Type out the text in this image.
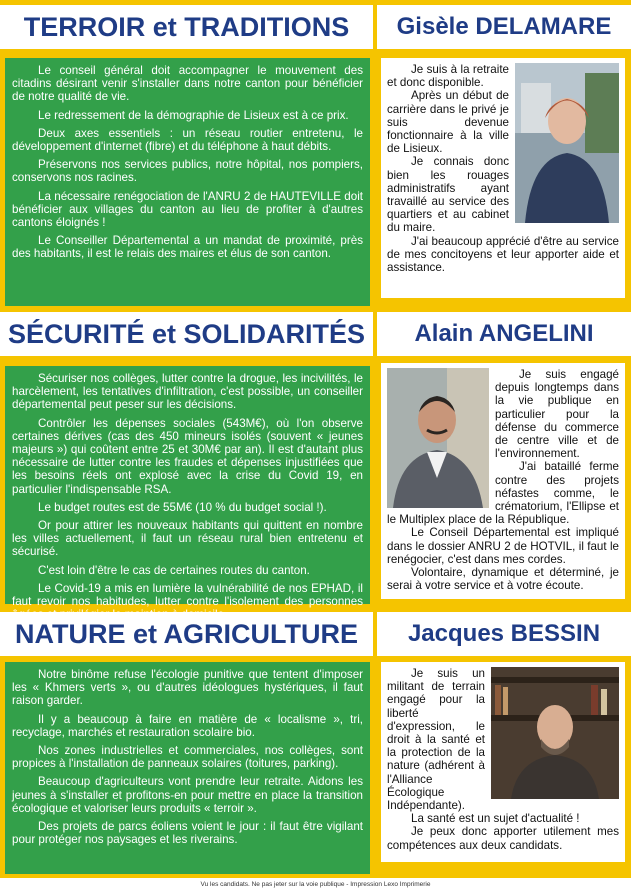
TERROIR et TRADITIONS	Gisèle DELAMARE

Le conseil général doit accompagner le mouvement des citadins désirant venir s'installer dans notre canton pour bénéficier de notre qualité de vie.

Le redressement de la démographie de Lisieux est à ce prix.

Deux axes essentiels : un réseau routier entretenu, le développement d'internet (fibre) et du téléphone à haut débits.

Préservons nos services publics, notre hôpital, nos pompiers, conservons nos racines.

La nécessaire renégociation de l'ANRU 2 de HAUTEVILLE doit bénéficier aux villages du canton au lieu de profiter à d'autres cantons éloignés !

Le Conseiller Départemental a un mandat de proximité, près des habitants, il est le relais des maires et élus de son canton.

Je suis à la retraite et donc disponible.

Après un début de carrière dans le privé je suis devenue fonctionnaire à la ville de Lisieux.

Je connais donc bien les rouages administratifs ayant travaillé au service des quartiers et au cabinet du maire.

J'ai beaucoup apprécié d'être au service de mes concitoyens et leur apporter aide et assistance.

SÉCURITÉ et SOLIDARITÉS	Alain ANGELINI

Sécuriser nos collèges, lutter contre la drogue, les incivilités, le harcèlement, les tentatives d'infiltration, c'est possible, un conseiller départemental peut peser sur les décisions.

Contrôler les dépenses sociales (543M€), où l'on observe certaines dérives (cas des 450 mineurs isolés (souvent « jeunes majeurs ») qui coûtent entre 25 et 30M€ par an). Il est d'autant plus nécessaire de lutter contre les fraudes et dépenses injustifiées que les besoins réels ont explosé avec la crise du Covid 19, en particulier l'indispensable RSA.

Le budget routes est de 55M€ (10 % du budget social !).

Or pour attirer les nouveaux habitants qui quittent en nombre les villes actuellement, il faut un réseau rural bien entretenu et sécurisé.

C'est loin d'être le cas de certaines routes du canton.

Le Covid-19 a mis en lumière la vulnérabilité de nos EPHAD, il faut revoir nos habitudes, lutter contre l'isolement des personnes

Je suis engagé depuis longtemps dans la vie publique en particulier pour la défense du commerce de centre ville et de l'environnement.

J'ai bataillé ferme contre des projets néfastes comme, le crématorium, l'Ellipse et le Multiplex place de la République.

Le Conseil Départemental est impliqué dans le dossier ANRU 2 de HOTVIL, il faut le renégocier, c'est dans mes cordes.

Volontaire, dynamique et déterminé, je serai à votre service et à votre écoute.

NATURE et AGRICULTURE	Jacques BESSIN

Notre binôme refuse l'écologie punitive que tentent d'imposer les « Khmers verts », ou d'autres idéologues hystériques, il faut raison garder.

Il y a beaucoup à faire en matière de « localisme », tri, recyclage, marchés et restauration scolaire bio.

Nos zones industrielles et commerciales, nos collèges, sont propices à l'installation de panneaux solaires (toitures, parking).

Beaucoup d'agriculteurs vont prendre leur retraite. Aidons les jeunes à s'installer et profitons-en pour mettre en place la transition écologique et valoriser leurs produits « terroir ».

Des projets de parcs éoliens voient le jour : il faut être vigilant pour protéger nos paysages et les riverains.

Je suis un militant de terrain engagé pour la liberté d'expression, le droit à la santé et la protection de la nature (adhérent à l'Alliance Écologique Indépendante).

La santé est un sujet d'actualité !

Je peux donc apporter utilement mes compétences aux deux candidats.

Vu les candidats. Ne pas jeter sur la voie publique - Impression Lexo Imprimerie
